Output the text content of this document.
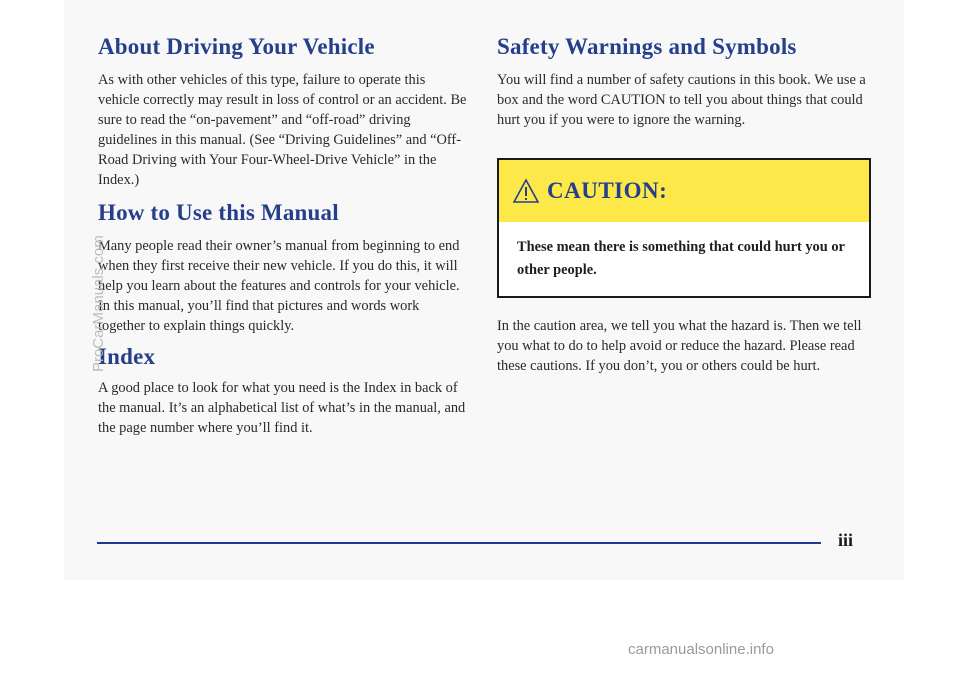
About Driving Your Vehicle

As with other vehicles of this type, failure to operate this vehicle correctly may result in loss of control or an accident. Be sure to read the “on-pavement” and “off-road” driving guidelines in this manual. (See “Driving Guidelines” and “Off-Road Driving with Your Four-Wheel-Drive Vehicle” in the Index.)

How to Use this Manual

Many people read their owner’s manual from beginning to end when they first receive their new vehicle. If you do this, it will help you learn about the features and controls for your vehicle. In this manual, you’ll find that pictures and words work together to explain things quickly.

Index

A good place to look for what you need is the Index in back of the manual. It’s an alphabetical list of what’s in the manual, and the page number where you’ll find it.

Safety Warnings and Symbols

You will find a number of safety cautions in this book. We use a box and the word CAUTION to tell you about things that could hurt you if you were to ignore the warning.

CAUTION:
These mean there is something that could hurt you or other people.

In the caution area, we tell you what the hazard is. Then we tell you what to do to help avoid or reduce the hazard. Please read these cautions. If you don’t, you or others could be hurt.

iii
ProCarManuals.com
carmanualsonline.info
